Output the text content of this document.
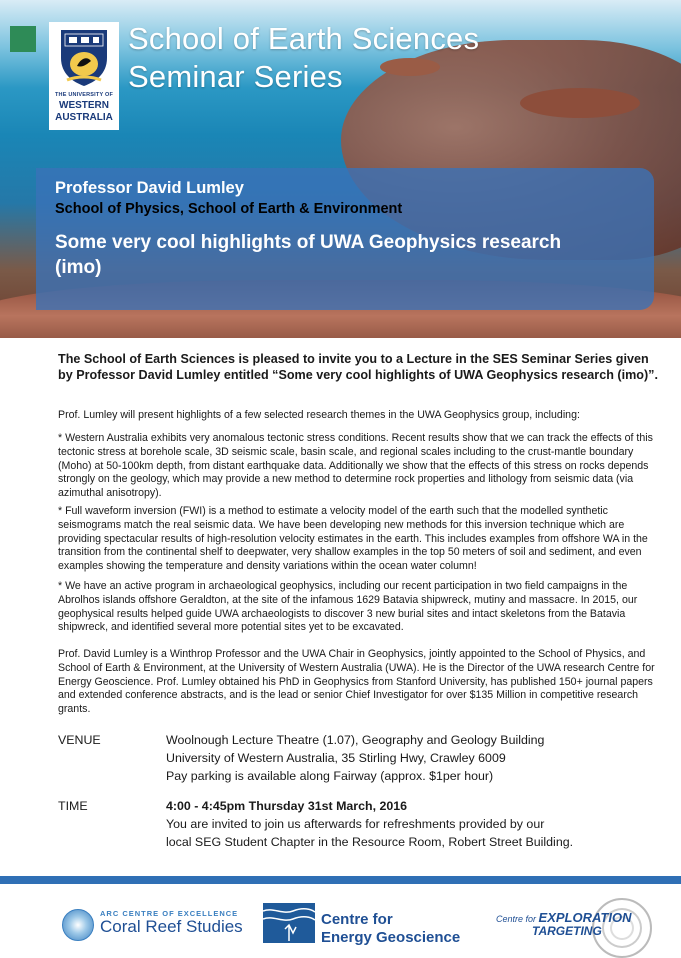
THE UNIVERSITY OF
WESTERN
AUSTRALIA
School of Earth Sciences
Seminar Series
Professor David Lumley
School of Physics, School of Earth & Environment
Some very cool highlights of UWA Geophysics research
(imo)
The School of Earth Sciences is pleased to invite you to a Lecture in the SES Seminar Series given by Professor David Lumley entitled “Some very cool highlights of UWA Geophysics research (imo)”.

Prof. Lumley will present highlights of a few selected research themes in the UWA Geophysics group, including:

* Western Australia exhibits very anomalous tectonic stress conditions. Recent results show that we can track the effects of this tectonic stress at borehole scale, 3D seismic scale, basin scale, and regional scales including to the crust-mantle boundary (Moho) at 50-100km depth, from distant earthquake data. Additionally we show that the effects of this stress on rocks depends strongly on the geology, which may provide a new method to determine rock properties and lithology from seismic data (via azimuthal anisotropy).

* Full waveform inversion (FWI) is a method to estimate a velocity model of the earth such that the modelled synthetic seismograms match the real seismic data. We have been developing new methods for this inversion technique which are providing spectacular results of high-resolution velocity estimates in the earth. This includes examples from offshore WA in the transition from the continental shelf to deepwater, very shallow examples in the top 50 meters of soil and sediment, and even examples showing the temperature and density variations within the ocean water column!

* We have an active program in archaeological geophysics, including our recent participation in two field campaigns in the Abrolhos islands offshore Geraldton, at the site of the infamous 1629 Batavia shipwreck, mutiny and massacre. In 2015, our geophysical results helped guide UWA archaeologists to discover 3 new burial sites and intact skeletons from the Batavia shipwreck, and identified several more potential sites yet to be excavated.

Prof. David Lumley is a Winthrop Professor and the UWA Chair in Geophysics, jointly appointed to the School of Physics, and School of Earth & Environment, at the University of Western Australia (UWA). He is the Director of the UWA research Centre for Energy Geoscience. Prof. Lumley obtained his PhD in Geophysics from Stanford University, has published 150+ journal papers and extended conference abstracts, and is the lead or senior Chief Investigator for over $135 Million in competitive research grants.

VENUE	Woolnough Lecture Theatre (1.07), Geography and Geology Building
University of Western Australia, 35 Stirling Hwy, Crawley 6009
Pay parking is available along Fairway (approx. $1per hour)
TIME	4:00 - 4:45pm Thursday 31st March, 2016
You are invited to join us afterwards for refreshments provided by our
local SEG Student Chapter in the Resource Room, Robert Street Building.
ARC CENTRE OF EXCELLENCE
Coral Reef Studies	Centre for
Energy Geoscience
Centre for EXPLORATION
TARGETING
